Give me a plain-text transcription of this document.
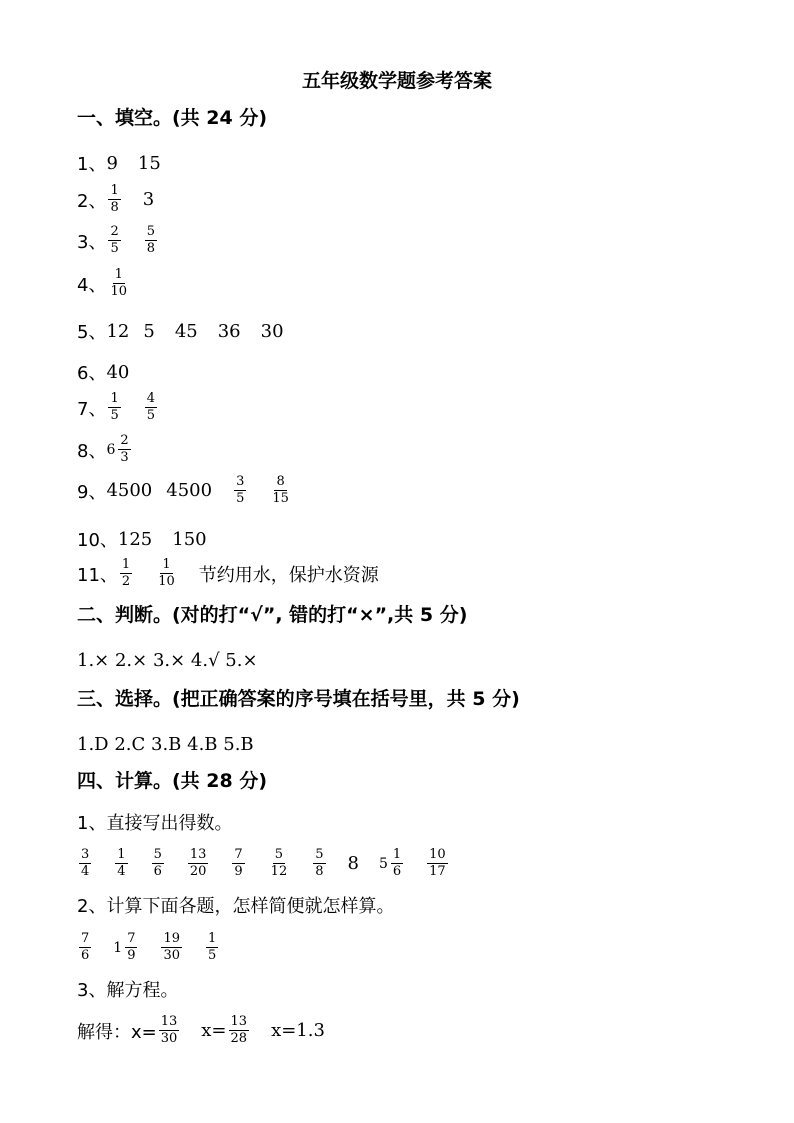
五年级数学题参考答案
一、填空。(共 24 分)
1、 9 15
2、 $\frac{1}{8} 3$
3、 $\frac{2}{5} \frac{5}{8}$
4、 $\frac{1}{10}$
5、 12 5 45 36 30
6、 40
7、 $\frac{1}{5} \frac{4}{5}$
8、 $6 \frac{2}{3}$
9、 4500 $4500 \frac{3}{5} \frac{8}{15}$
10、 125 150
11、 $\frac{1}{2} \frac{1}{10}$ 节约用水，保护水资源
二、判断。(对的打“√”, 错的打“×”,共 5 分)
1.× 2.× 3.× 4.√ 5.×
三、选择。(把正确答案的序号填在括号里，共 5 分)
1.D 2.C 3.B 4.B 5.B
四、计算。(共 28 分)
1、直接写出得数。
$\frac{3}{4} \frac{1}{4} \frac{5}{6} \frac{13}{20} \frac{7}{9} \frac{5}{12} \frac{5}{8} 8$ $5 \frac{1}{6} \frac{10}{17}$
2、计算下面各题，怎样简便就怎样算。
$\frac{7}{6} 1 \frac{7}{9} \frac{19}{30} \frac{1}{5}$
3、解方程。
解得：$x= \frac{13}{30} x= \frac{13}{28} x=1.3$
